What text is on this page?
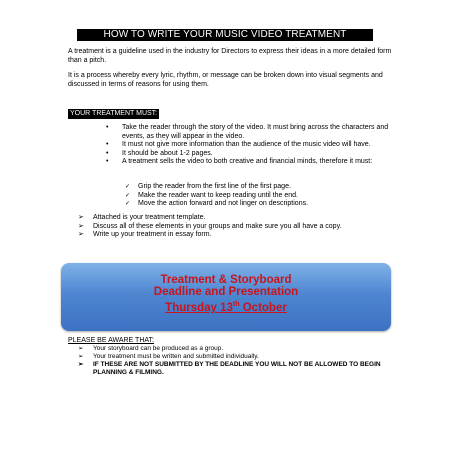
HOW TO WRITE YOUR MUSIC VIDEO TREATMENT

A treatment is a guideline used in the industry for Directors to express their ideas in a more detailed form than a pitch.

It is a process whereby every lyric, rhythm, or message can be broken down into visual segments and discussed in terms of reasons for using them.

YOUR TREATMENT MUST:
•	Take the reader through the story of the video. It must bring across the characters and events, as they will appear in the video.
•	It must not give more information than the audience of the music video will have.
•	It should be about 1-2 pages.
•	A treatment sells the video to both creative and financial minds, therefore it must:
✓	Grip the reader from the first line of the first page.
✓	Make the reader want to keep reading until the end.
✓	Move the action forward and not linger on descriptions.
➢	Attached is your treatment template.
➢	Discuss all of these elements in your groups and make sure you all have a copy.
➢	Write up your treatment in essay form.
Treatment & Storyboard
Deadline and Presentation
Thursday 13th October
PLEASE BE AWARE THAT:
➢	Your storyboard can be produced as a group.
➢	Your treatment must be written and submitted individually.
➢	IF THESE ARE NOT SUBMITTED BY THE DEADLINE YOU WILL NOT BE ALLOWED TO BEGIN PLANNING & FILMING.
